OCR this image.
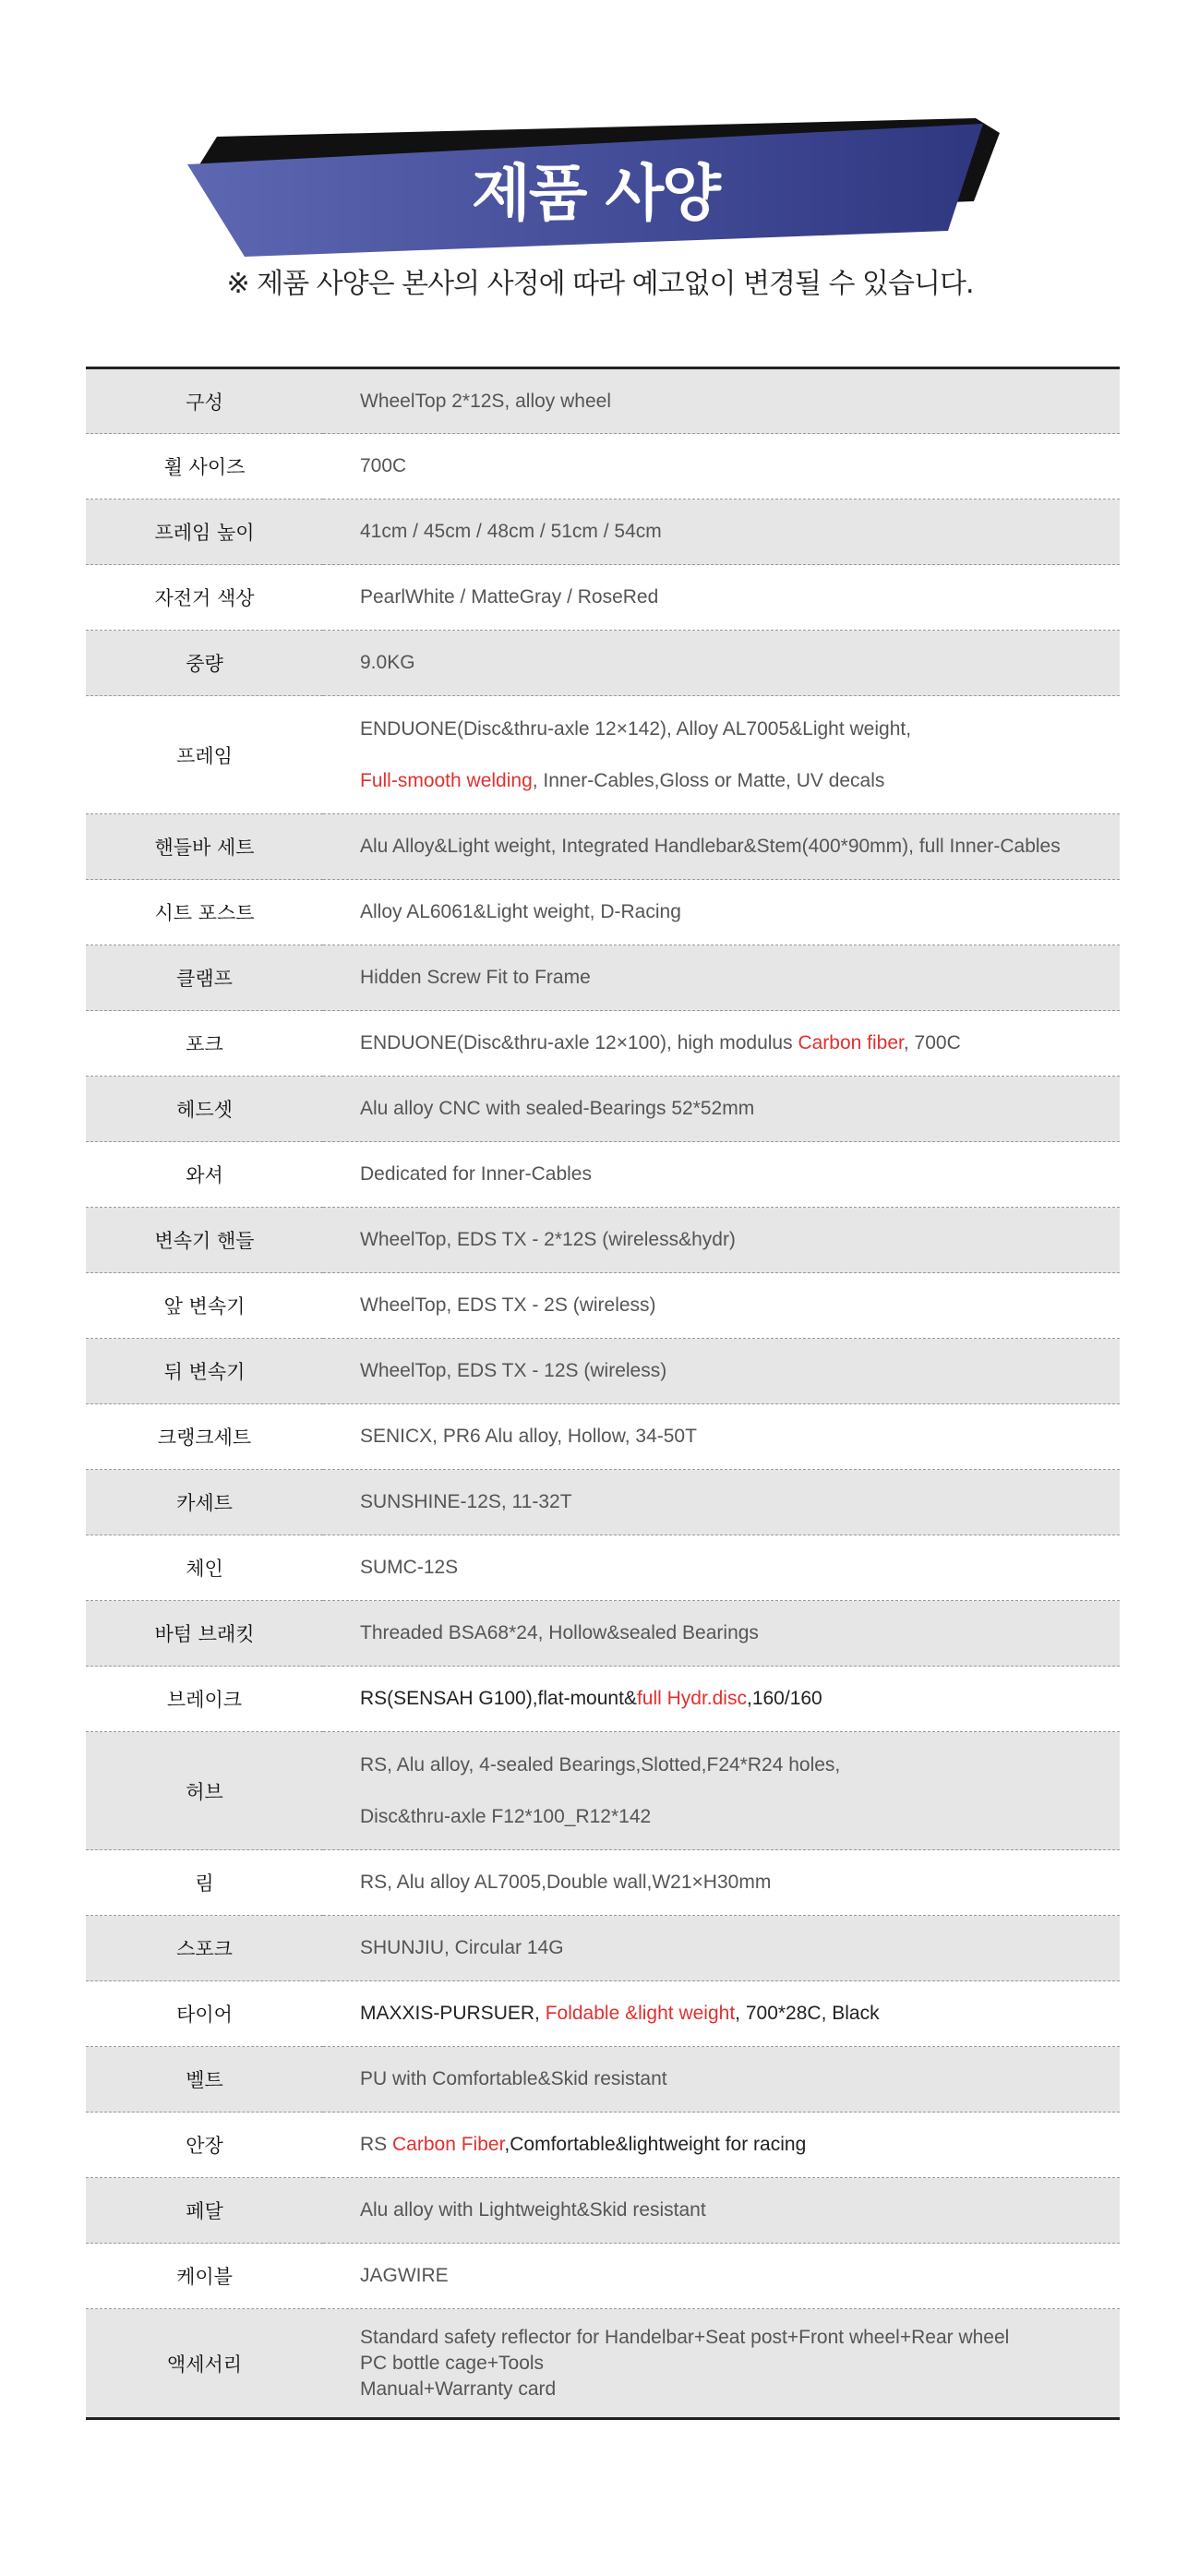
제품 사양
※ 제품 사양은 본사의 사정에 따라 예고없이 변경될 수 있습니다.
구성	WheelTop 2*12S, alloy wheel

휠 사이즈	700C

프레임 높이	41cm / 45cm / 48cm / 51cm / 54cm

자전거 색상	PearlWhite / MatteGray / RoseRed

중량	9.0KG

프레임	ENDUONE(Disc&thru-axle 12×142), Alloy AL7005&Light weight,
Full-smooth welding, Inner-Cables,Gloss or Matte, UV decals

핸들바 세트	Alu Alloy&Light weight, Integrated Handlebar&Stem(400*90mm), full Inner-Cables

시트 포스트	Alloy AL6061&Light weight, D-Racing

클램프	Hidden Screw Fit to Frame

포크	ENDUONE(Disc&thru-axle 12×100), high modulus Carbon fiber, 700C

헤드셋	Alu alloy CNC with sealed-Bearings 52*52mm

와셔	Dedicated for Inner-Cables

변속기 핸들	WheelTop, EDS TX - 2*12S (wireless&hydr)

앞 변속기	WheelTop, EDS TX - 2S (wireless)

뒤 변속기	WheelTop, EDS TX - 12S (wireless)

크랭크세트	SENICX, PR6 Alu alloy, Hollow, 34-50T

카세트	SUNSHINE-12S, 11-32T

체인	SUMC-12S

바텀 브래킷	Threaded BSA68*24, Hollow&sealed Bearings

브레이크	RS(SENSAH G100),flat-mount&full Hydr.disc,160/160

허브	RS, Alu alloy, 4-sealed Bearings,Slotted,F24*R24 holes,
Disc&thru-axle F12*100_R12*142

림	RS, Alu alloy AL7005,Double wall,W21×H30mm

스포크	SHUNJIU, Circular 14G

타이어	MAXXIS-PURSUER, Foldable &light weight, 700*28C, Black

벨트	PU with Comfortable&Skid resistant

안장	RS Carbon Fiber,Comfortable&lightweight for racing

페달	Alu alloy with Lightweight&Skid resistant

케이블	JAGWIRE

액세서리	Standard safety reflector for Handelbar+Seat post+Front wheel+Rear wheel
PC bottle cage+Tools
Manual+Warranty card
